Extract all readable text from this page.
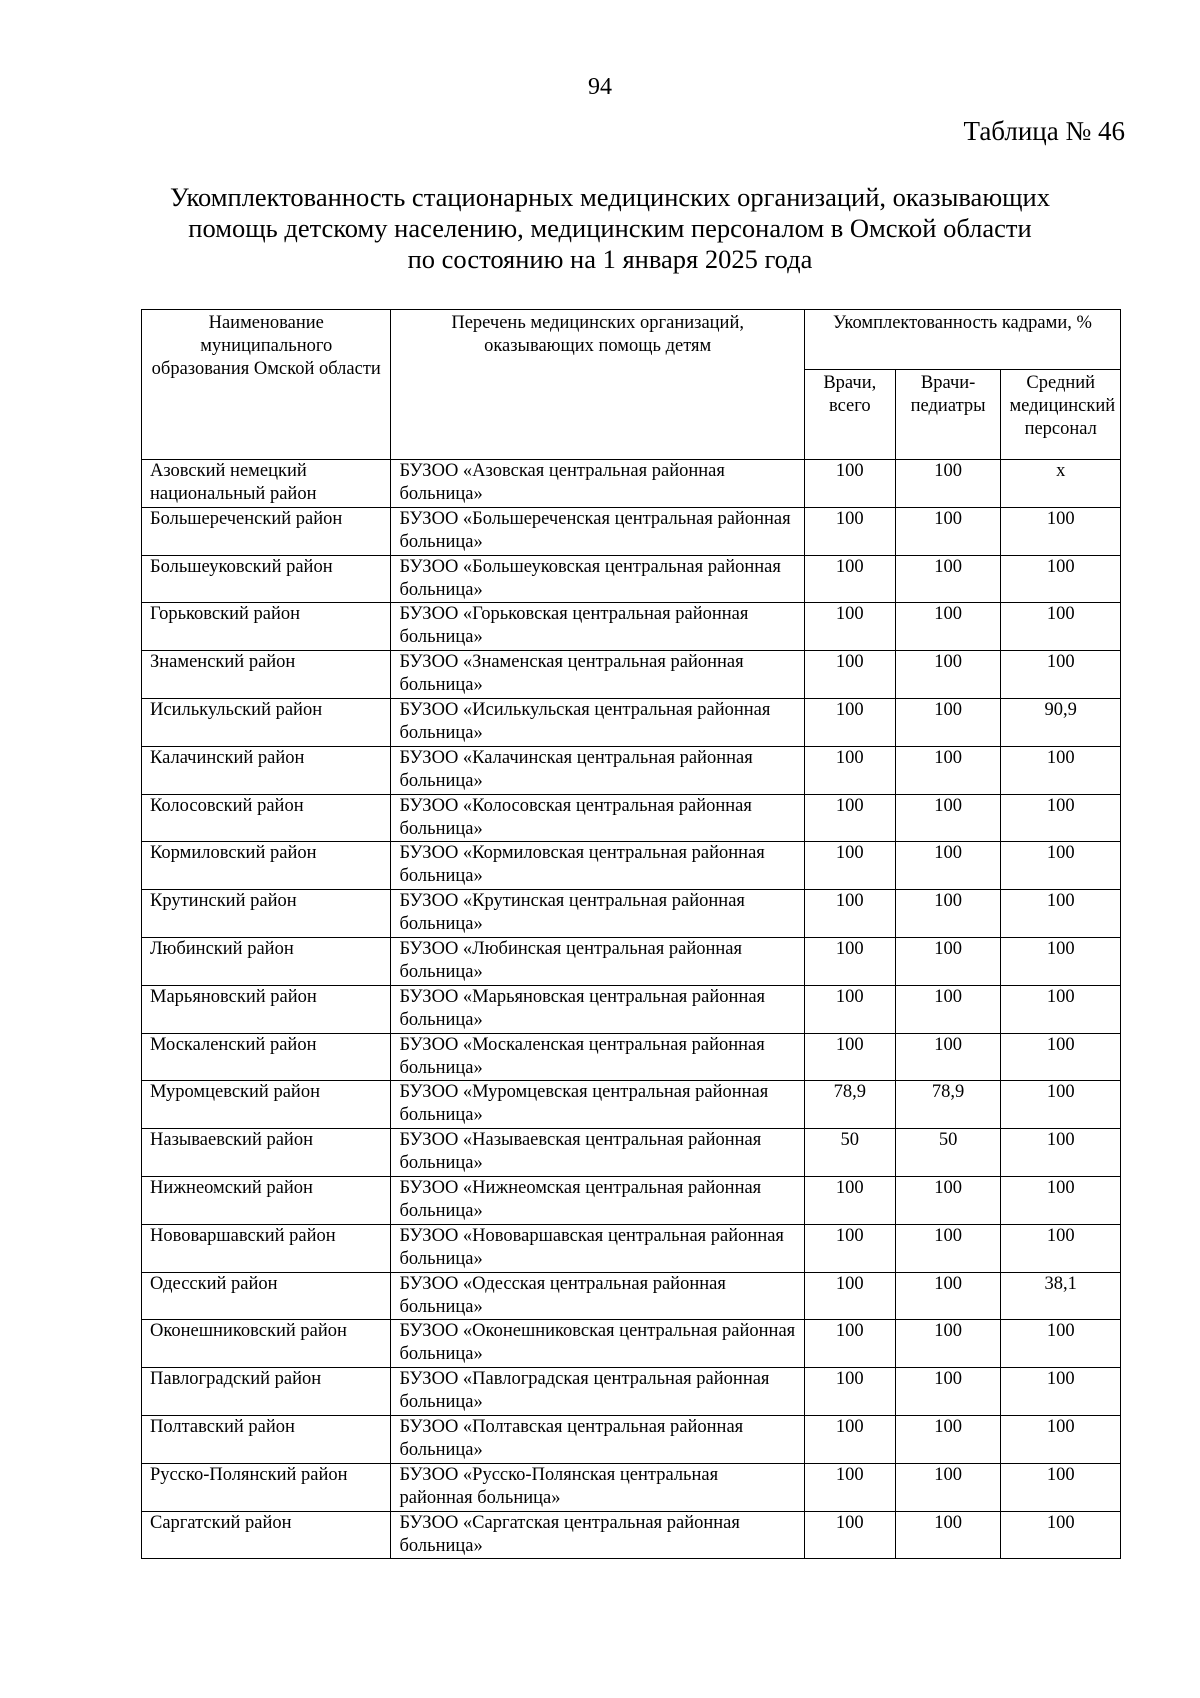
94
Таблица № 46
Укомплектованность стационарных медицинских организаций, оказывающих
помощь детскому населению, медицинским персоналом в Омской области
по состоянию на 1 января 2025 года
Наименование муниципального образования Омской области	Перечень медицинских организаций, оказывающих помощь детям	Укомплектованность кадрами, %		
		Врачи, всего	Врачи-педиатры	Средний медицинский персонал
Азовский немецкий национальный район	БУЗОО «Азовская центральная районная больница»	100	100	х
Большереченский район	БУЗОО «Большереченская центральная районная больница»	100	100	100
Большеуковский район	БУЗОО «Большеуковская центральная районная больница»	100	100	100
Горьковский район	БУЗОО «Горьковская центральная районная больница»	100	100	100
Знаменский район	БУЗОО «Знаменская центральная районная больница»	100	100	100
Исилькульский район	БУЗОО «Исилькульская центральная районная больница»	100	100	90,9
Калачинский район	БУЗОО «Калачинская центральная районная больница»	100	100	100
Колосовский район	БУЗОО «Колосовская центральная районная больница»	100	100	100
Кормиловский район	БУЗОО «Кормиловская центральная районная больница»	100	100	100
Крутинский район	БУЗОО «Крутинская центральная районная больница»	100	100	100
Любинский район	БУЗОО «Любинская центральная районная больница»	100	100	100
Марьяновский район	БУЗОО «Марьяновская центральная районная больница»	100	100	100
Москаленский район	БУЗОО «Москаленская центральная районная больница»	100	100	100
Муромцевский район	БУЗОО «Муромцевская центральная районная больница»	78,9	78,9	100
Называевский район	БУЗОО «Называевская центральная районная больница»	50	50	100
Нижнеомский район	БУЗОО «Нижнеомская центральная районная больница»	100	100	100
Нововаршавский район	БУЗОО «Нововаршавская центральная районная больница»	100	100	100
Одесский район	БУЗОО «Одесская центральная районная больница»	100	100	38,1
Оконешниковский район	БУЗОО «Оконешниковская центральная районная больница»	100	100	100
Павлоградский район	БУЗОО «Павлоградская центральная районная больница»	100	100	100
Полтавский район	БУЗОО «Полтавская центральная районная больница»	100	100	100
Русско-Полянский район	БУЗОО «Русско-Полянская центральная районная больница»	100	100	100
Саргатский район	БУЗОО «Саргатская центральная районная больница»	100	100	100
